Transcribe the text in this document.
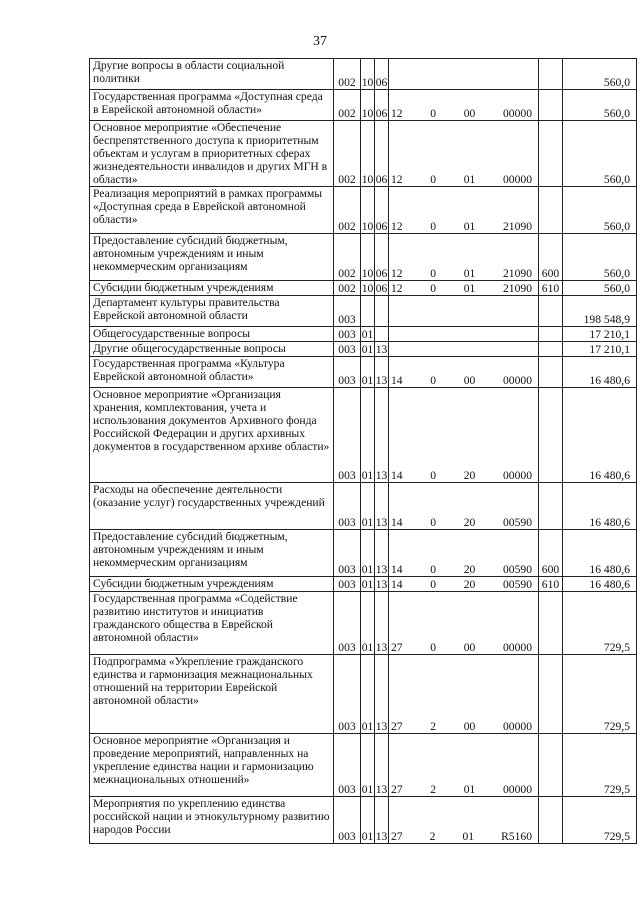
37
Другие вопросы в области социальной политики	002	10	06			560,0
Государственная программа «Доступная среда в Еврейской автономной области»	002	10	06	12 0 00 00000		560,0
Основное мероприятие «Обеспечение беспрепятственного доступа к приоритетным объектам и услугам в приоритетных сферах жизнедеятельности инвалидов и других МГН в области»	002	10	06	12 0 01 00000		560,0
Реализация мероприятий в рамках программы «Доступная среда в Еврейской автономной области»	002	10	06	12 0 01 21090		560,0
Предоставление субсидий бюджетным, автономным учреждениям и иным некоммерческим организациям	002	10	06	12 0 01 21090	600	560,0
Субсидии бюджетным учреждениям	002	10	06	12 0 01 21090	610	560,0
Департамент культуры правительства Еврейской автономной области	003					198 548,9
Общегосударственные вопросы	003	01				17 210,1
Другие общегосударственные вопросы	003	01	13			17 210,1
Государственная программа «Культура Еврейской автономной области»	003	01	13	14 0 00 00000		16 480,6
Основное мероприятие «Организация хранения, комплектования, учета и использования документов Архивного фонда Российской Федерации и других архивных документов в государственном архиве области»	003	01	13	14 0 20 00000		16 480,6
Расходы на обеспечение деятельности (оказание услуг) государственных учреждений	003	01	13	14 0 20 00590		16 480,6
Предоставление субсидий бюджетным, автономным учреждениям и иным некоммерческим организациям	003	01	13	14 0 20 00590	600	16 480,6
Субсидии бюджетным учреждениям	003	01	13	14 0 20 00590	610	16 480,6
Государственная программа «Содействие развитию институтов и инициатив гражданского общества в Еврейской автономной области»	003	01	13	27 0 00 00000		729,5
Подпрограмма «Укрепление гражданского единства и гармонизация межнациональных отношений на территории Еврейской автономной области»	003	01	13	27 2 00 00000		729,5
Основное мероприятие «Организация и проведение мероприятий, направленных на укрепление единства нации и гармонизацию межнациональных отношений»	003	01	13	27 2 01 00000		729,5
Мероприятия по укреплению единства российской нации и этнокультурному развитию народов России	003	01	13	27 2 01 R5160		729,5
